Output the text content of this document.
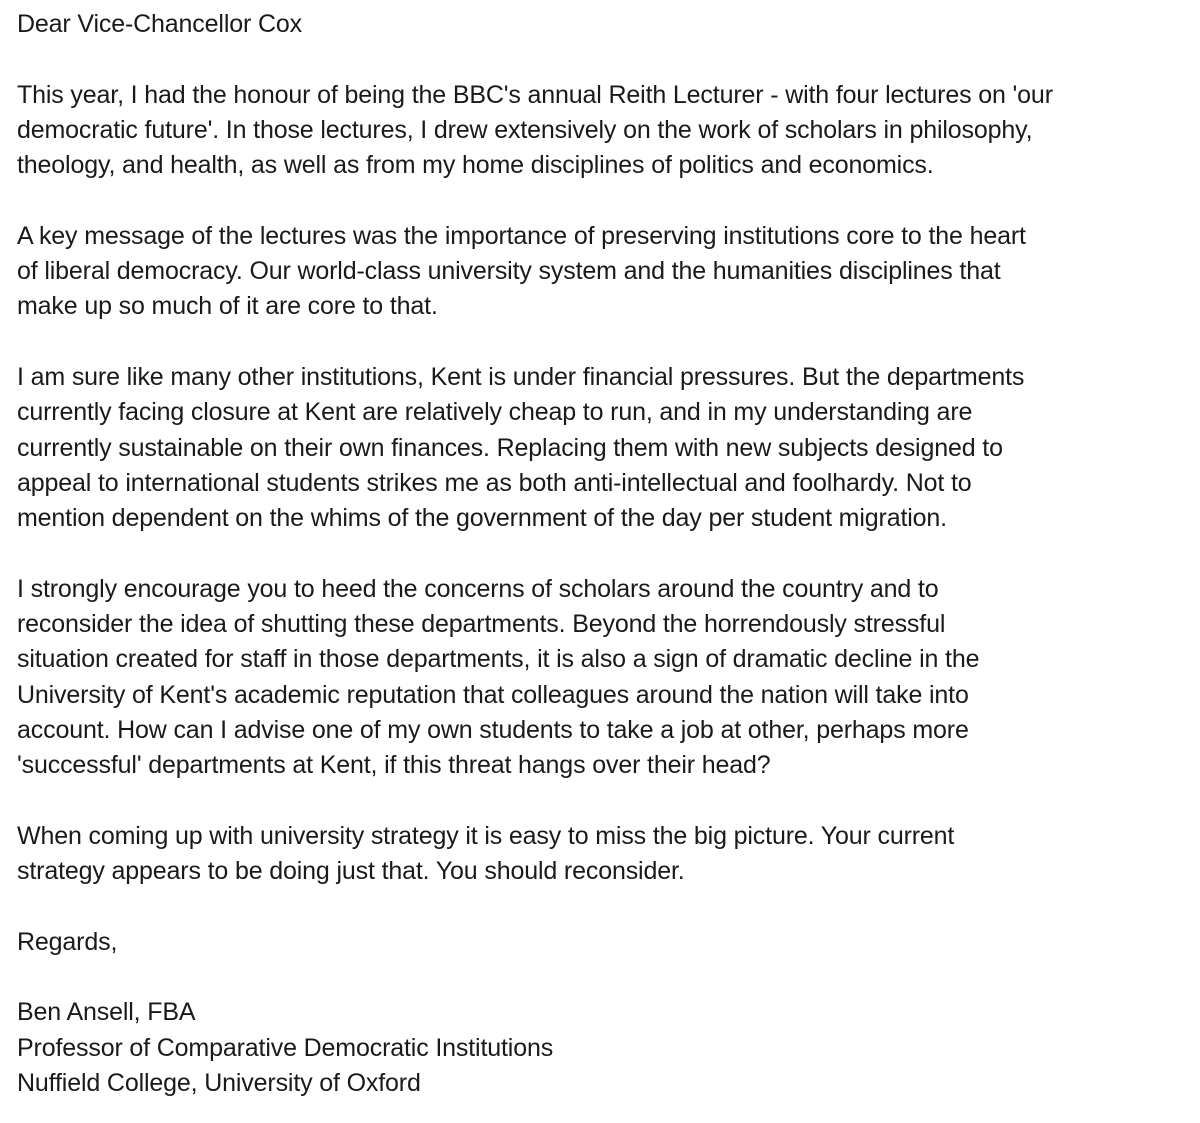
Dear Vice-Chancellor Cox
This year, I had the honour of being the BBC's annual Reith Lecturer - with four lectures on 'our
democratic future'. In those lectures, I drew extensively on the work of scholars in philosophy,
theology, and health, as well as from my home disciplines of politics and economics.
A key message of the lectures was the importance of preserving institutions core to the heart
of liberal democracy. Our world-class university system and the humanities disciplines that
make up so much of it are core to that.
I am sure like many other institutions, Kent is under financial pressures. But the departments
currently facing closure at Kent are relatively cheap to run, and in my understanding are
currently sustainable on their own finances. Replacing them with new subjects designed to
appeal to international students strikes me as both anti-intellectual and foolhardy. Not to
mention dependent on the whims of the government of the day per student migration.
I strongly encourage you to heed the concerns of scholars around the country and to
reconsider the idea of shutting these departments. Beyond the horrendously stressful
situation created for staff in those departments, it is also a sign of dramatic decline in the
University of Kent's academic reputation that colleagues around the nation will take into
account. How can I advise one of my own students to take a job at other, perhaps more
'successful' departments at Kent, if this threat hangs over their head?
When coming up with university strategy it is easy to miss the big picture. Your current
strategy appears to be doing just that. You should reconsider.
Regards,
Ben Ansell, FBA
Professor of Comparative Democratic Institutions
Nuffield College, University of Oxford
